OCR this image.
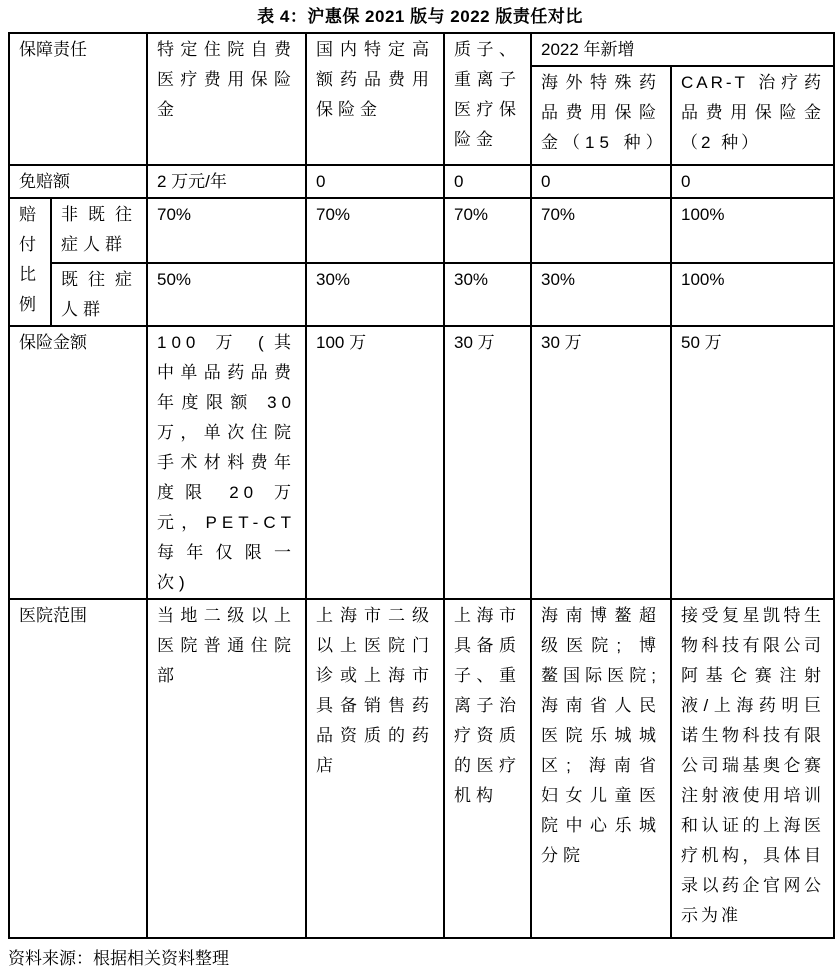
表 4：沪惠保 2021 版与 2022 版责任对比
保障责任		特定住院自费医疗费用保险金	国内特定高额药品费用保险金	质子、重离子医疗保险金	2022 年新增	
					海外特殊药品费用保险金（15 种）	CAR-T 治疗药品费用保险金（2 种）
免赔额		2 万元/年	0	0	0	0
赔付比例	非既往症人群	70%	70%	70%	70%	100%
	既往症人群	50%	30%	30%	30%	100%
保险金额		100 万 (其中单品药品费年度限额 30 万，单次住院手术材料费年度限 20 万元，PET-CT 每年仅限一次)	100 万	30 万	30 万	50 万
医院范围		当地二级以上医院普通住院部	上海市二级以上医院门诊或上海市具备销售药品资质的药店	上海市具备质子、重离子治疗资质的医疗机构	海南博鳌超级医院; 博鳌国际医院; 海南省人民医院乐城城区; 海南省妇女儿童医院中心乐城分院	接受复星凯特生物科技有限公司阿基仑赛注射液/上海药明巨诺生物科技有限公司瑞基奥仑赛注射液使用培训和认证的上海医疗机构，具体目录以药企官网公示为准
资料来源：根据相关资料整理
